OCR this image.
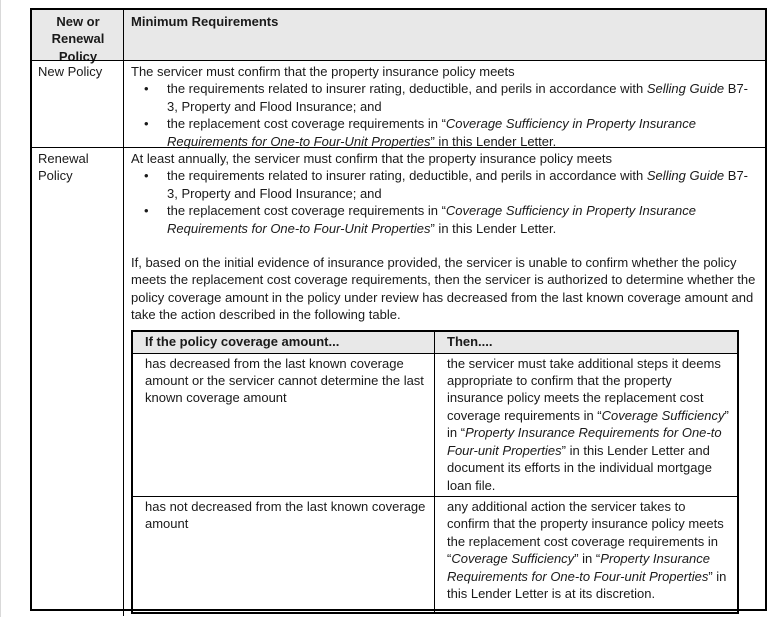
New or Renewal Policy
Minimum Requirements
New Policy	The servicer must confirm that the property insurance policy meets
• the requirements related to insurer rating, deductible, and perils in accordance with Selling Guide B7-3, Property and Flood Insurance; and
• the replacement cost coverage requirements in “Coverage Sufficiency in Property Insurance Requirements for One-to Four-Unit Properties” in this Lender Letter.
Renewal Policy
At least annually, the servicer must confirm that the property insurance policy meets
• the requirements related to insurer rating, deductible, and perils in accordance with Selling Guide B7-3, Property and Flood Insurance; and
• the replacement cost coverage requirements in “Coverage Sufficiency in Property Insurance Requirements for One-to Four-Unit Properties” in this Lender Letter.
If, based on the initial evidence of insurance provided, the servicer is unable to confirm whether the policy meets the replacement cost coverage requirements, then the servicer is authorized to determine whether the policy coverage amount in the policy under review has decreased from the last known coverage amount and take the action described in the following table.
If the policy coverage amount...	Then....
has decreased from the last known coverage amount or the servicer cannot determine the last known coverage amount
the servicer must take additional steps it deems appropriate to confirm that the property insurance policy meets the replacement cost coverage requirements in “Coverage Sufficiency” in “Property Insurance Requirements for One-to Four-unit Properties” in this Lender Letter and document its efforts in the individual mortgage loan file.
has not decreased from the last known coverage amount
any additional action the servicer takes to confirm that the property insurance policy meets the replacement cost coverage requirements in “Coverage Sufficiency” in “Property Insurance Requirements for One-to Four-unit Properties” in this Lender Letter is at its discretion.
